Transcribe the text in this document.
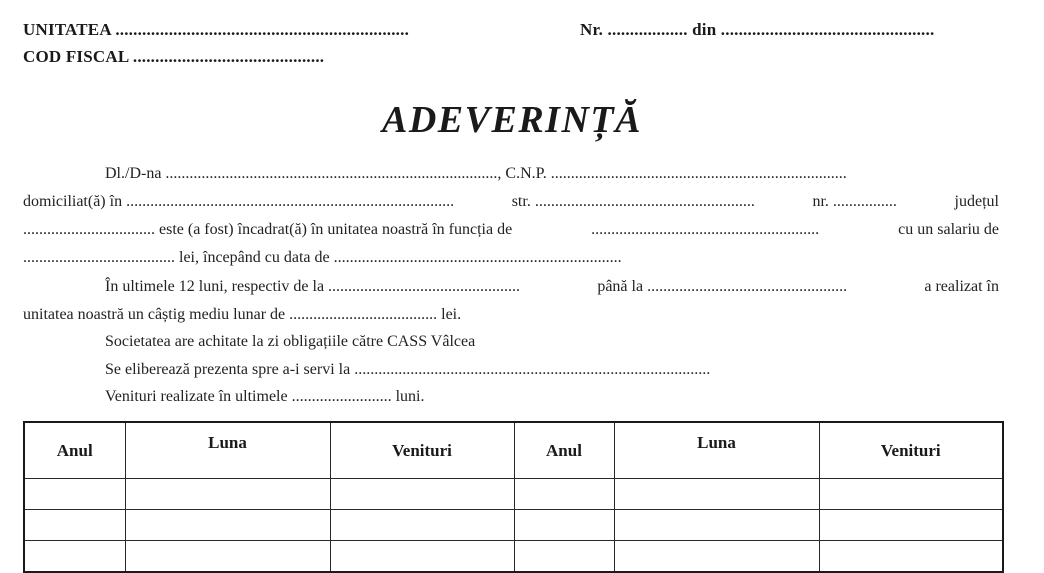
UNITATEA ..................................................................
COD FISCAL ...........................................
Nr. .................. din ................................................
ADEVERINȚĂ
Dl./D-na ..................................................................................., C.N.P. ..........................................................................
domiciliat(ă) în ..................................................................................	str. .......................................................	nr. ................	județul
................................. este (a fost) încadrat(ă) în unitatea noastră în funcția de	.........................................................	cu un salariu de
...................................... lei, începând cu data de ........................................................................
În ultimele 12 luni, respectiv de la ................................................	până la ..................................................	a realizat în
unitatea noastră un câștig mediu lunar de ..................................... lei.
Societatea are achitate la zi obligațiile către CASS Vâlcea
Se eliberează prezenta spre a-i servi la .........................................................................................
Venituri realizate în ultimele ......................... luni.
Anul	Luna	Venituri	Anul	Luna	Venituri
